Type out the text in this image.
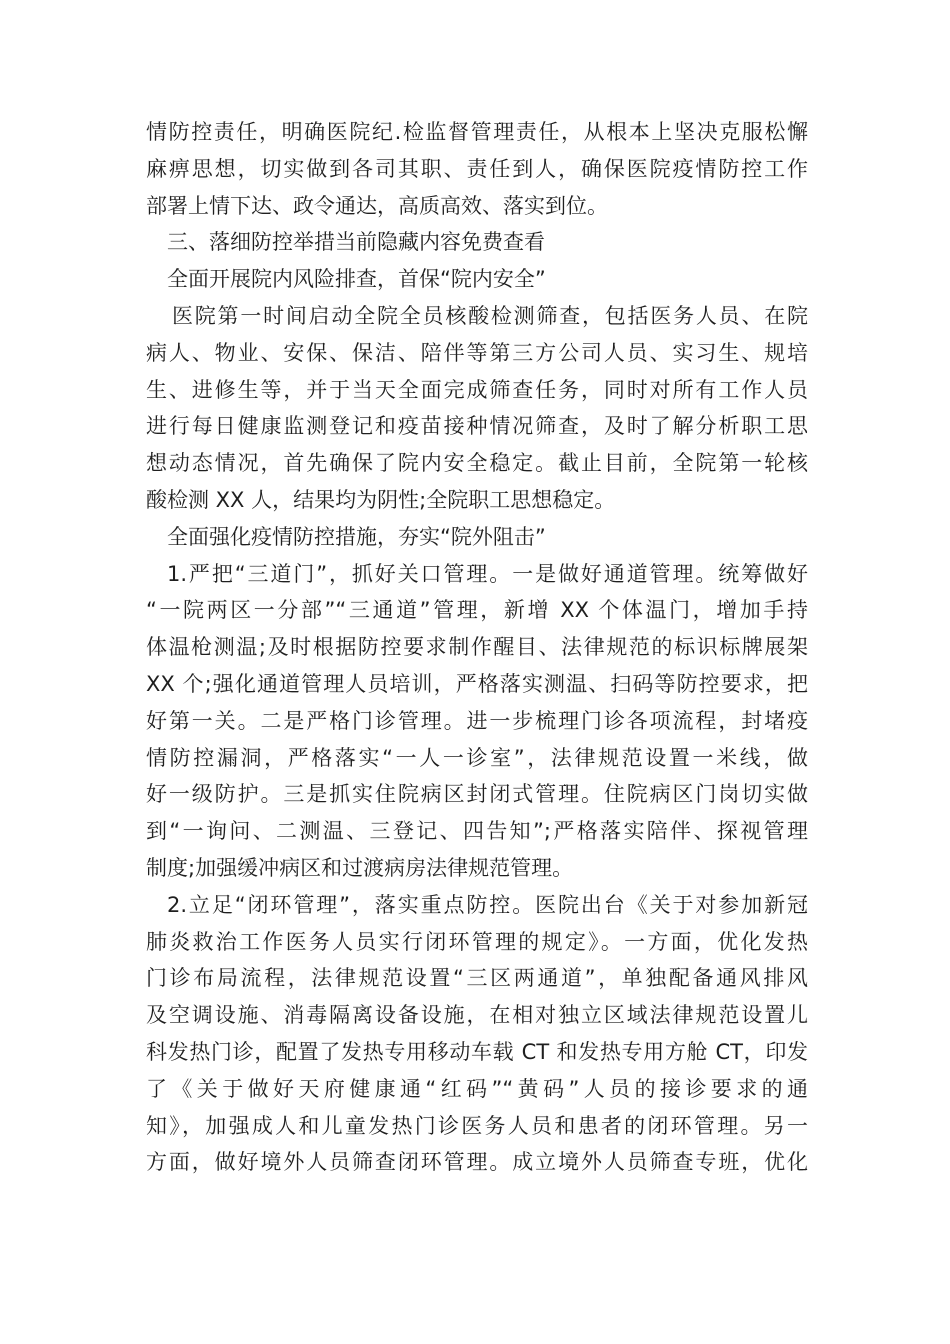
情防控责任，明确医院纪.检监督管理责任，从根本上坚决克服松懈
麻痹思想，切实做到各司其职、责任到人，确保医院疫情防控工作
部署上情下达、政令通达，高质高效、落实到位。
三、落细防控举措当前隐藏内容免费查看
全面开展院内风险排查，首保“院内安全”
医院第一时间启动全院全员核酸检测筛查，包括医务人员、在院
病人、物业、安保、保洁、陪伴等第三方公司人员、实习生、规培
生、进修生等，并于当天全面完成筛查任务，同时对所有工作人员
进行每日健康监测登记和疫苗接种情况筛查，及时了解分析职工思
想动态情况，首先确保了院内安全稳定。截止目前，全院第一轮核
酸检测 XX 人，结果均为阴性;全院职工思想稳定。
全面强化疫情防控措施，夯实“院外阻击”
1.严把“三道门”，抓好关口管理。一是做好通道管理。统筹做好
“一院两区一分部”“三通道”管理，新增 XX 个体温门，增加手持
体温枪测温;及时根据防控要求制作醒目、法律规范的标识标牌展架
XX 个;强化通道管理人员培训，严格落实测温、扫码等防控要求，把
好第一关。二是严格门诊管理。进一步梳理门诊各项流程，封堵疫
情防控漏洞，严格落实“一人一诊室”，法律规范设置一米线，做
好一级防护。三是抓实住院病区封闭式管理。住院病区门岗切实做
到“一询问、二测温、三登记、四告知”;严格落实陪伴、探视管理
制度;加强缓冲病区和过渡病房法律规范管理。
2.立足“闭环管理”，落实重点防控。医院出台《关于对参加新冠
肺炎救治工作医务人员实行闭环管理的规定》。一方面，优化发热
门诊布局流程，法律规范设置“三区两通道”，单独配备通风排风
及空调设施、消毒隔离设备设施，在相对独立区域法律规范设置儿
科发热门诊，配置了发热专用移动车载 CT 和发热专用方舱 CT，印发
了《关于做好天府健康通“红码”“黄码”人员的接诊要求的通
知》，加强成人和儿童发热门诊医务人员和患者的闭环管理。另一
方面，做好境外人员筛查闭环管理。成立境外人员筛查专班，优化
